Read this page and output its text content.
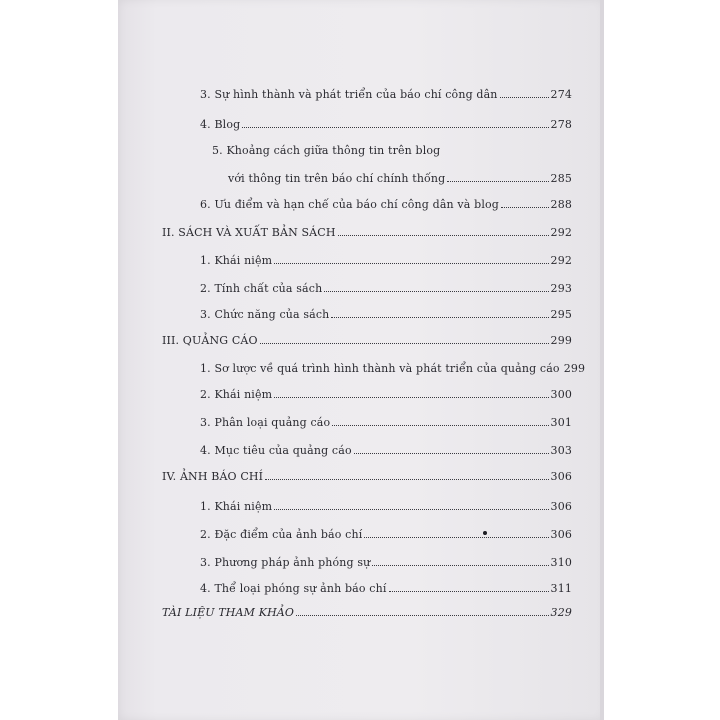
3. Sự hình thành và phát triển của báo chí công dân	274
4. Blog	278
5. Khoảng cách giữa thông tin trên blog
với thông tin trên báo chí chính thống	285
6. Ưu điểm và hạn chế của báo chí công dân và blog	288
II. SÁCH VÀ XUẤT BẢN SÁCH	292
1. Khái niệm	292
2. Tính chất của sách	293
3. Chức năng của sách	295
III. QUẢNG CÁO	299
1. Sơ lược về quá trình hình thành và phát triển của quảng cáo 299
2. Khái niệm	300
3. Phân loại quảng cáo	301
4. Mục tiêu của quảng cáo	303
IV. ẢNH BÁO CHÍ	306
1. Khái niệm	306
2. Đặc điểm của ảnh báo chí	306
3. Phương pháp ảnh phóng sự	310
4. Thể loại phóng sự ảnh báo chí	311
TÀI LIỆU THAM KHẢO	329
